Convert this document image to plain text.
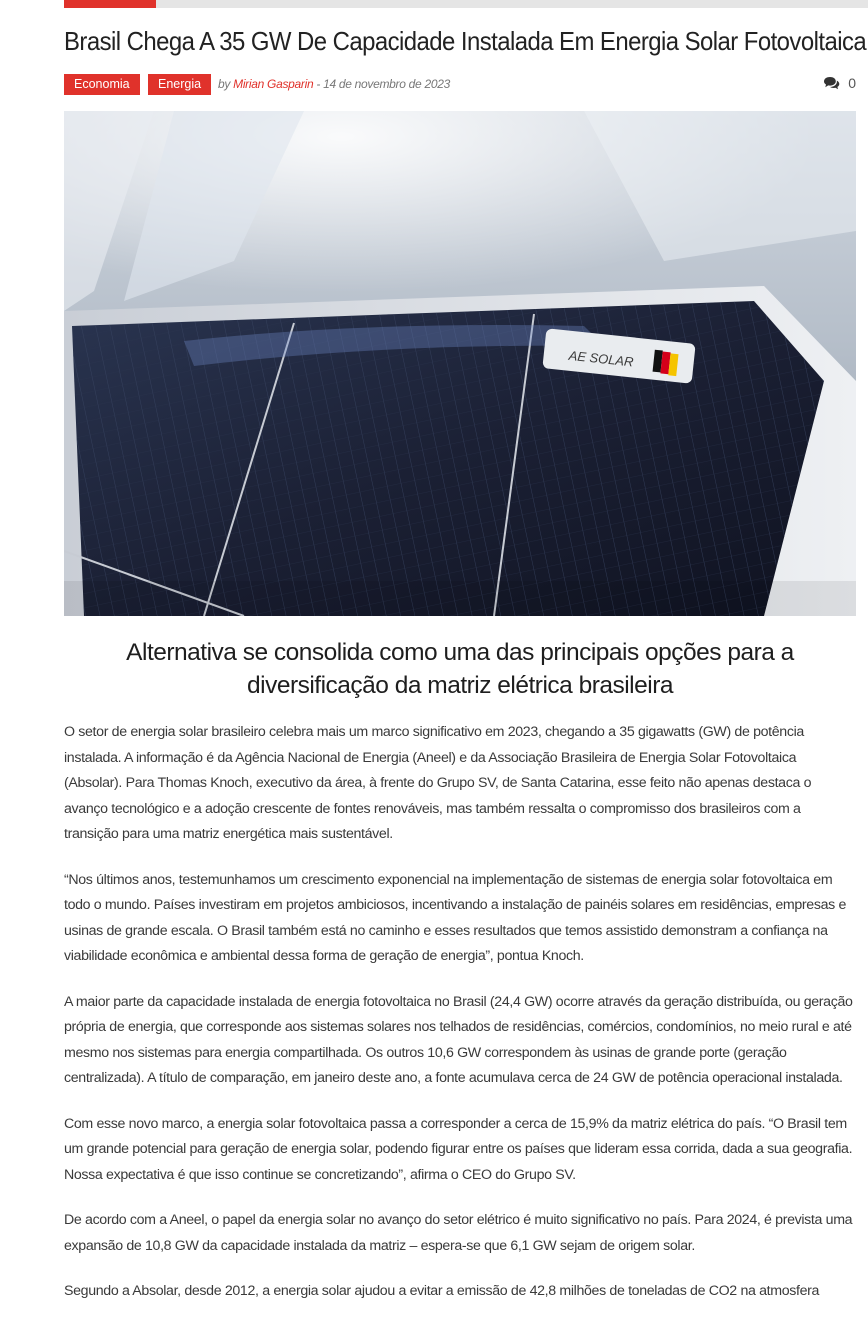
Brasil Chega A 35 GW De Capacidade Instalada Em Energia Solar Fotovoltaica
Economia	Energia	by Mirian Gasparin - 14 de novembro de 2023	0
AE SOLAR
Alternativa se consolida como uma das principais opções para a diversificação da matriz elétrica brasileira

O setor de energia solar brasileiro celebra mais um marco significativo em 2023, chegando a 35 gigawatts (GW) de potência instalada. A informação é da Agência Nacional de Energia (Aneel) e da Associação Brasileira de Energia Solar Fotovoltaica (Absolar). Para Thomas Knoch, executivo da área, à frente do Grupo SV, de Santa Catarina, esse feito não apenas destaca o avanço tecnológico e a adoção crescente de fontes renováveis, mas também ressalta o compromisso dos brasileiros com a transição para uma matriz energética mais sustentável.

“Nos últimos anos, testemunhamos um crescimento exponencial na implementação de sistemas de energia solar fotovoltaica em todo o mundo. Países investiram em projetos ambiciosos, incentivando a instalação de painéis solares em residências, empresas e usinas de grande escala. O Brasil também está no caminho e esses resultados que temos assistido demonstram a confiança na viabilidade econômica e ambiental dessa forma de geração de energia”, pontua Knoch.

A maior parte da capacidade instalada de energia fotovoltaica no Brasil (24,4 GW) ocorre através da geração distribuída, ou geração própria de energia, que corresponde aos sistemas solares nos telhados de residências, comércios, condomínios, no meio rural e até mesmo nos sistemas para energia compartilhada. Os outros 10,6 GW correspondem às usinas de grande porte (geração centralizada). A título de comparação, em janeiro deste ano, a fonte acumulava cerca de 24 GW de potência operacional instalada.

Com esse novo marco, a energia solar fotovoltaica passa a corresponder a cerca de 15,9% da matriz elétrica do país. “O Brasil tem um grande potencial para geração de energia solar, podendo figurar entre os países que lideram essa corrida, dada a sua geografia. Nossa expectativa é que isso continue se concretizando”, afirma o CEO do Grupo SV.

De acordo com a Aneel, o papel da energia solar no avanço do setor elétrico é muito significativo no país. Para 2024, é prevista uma expansão de 10,8 GW da capacidade instalada da matriz – espera-se que 6,1 GW sejam de origem solar.

Segundo a Absolar, desde 2012, a energia solar ajudou a evitar a emissão de 42,8 milhões de toneladas de CO2 na atmosfera
